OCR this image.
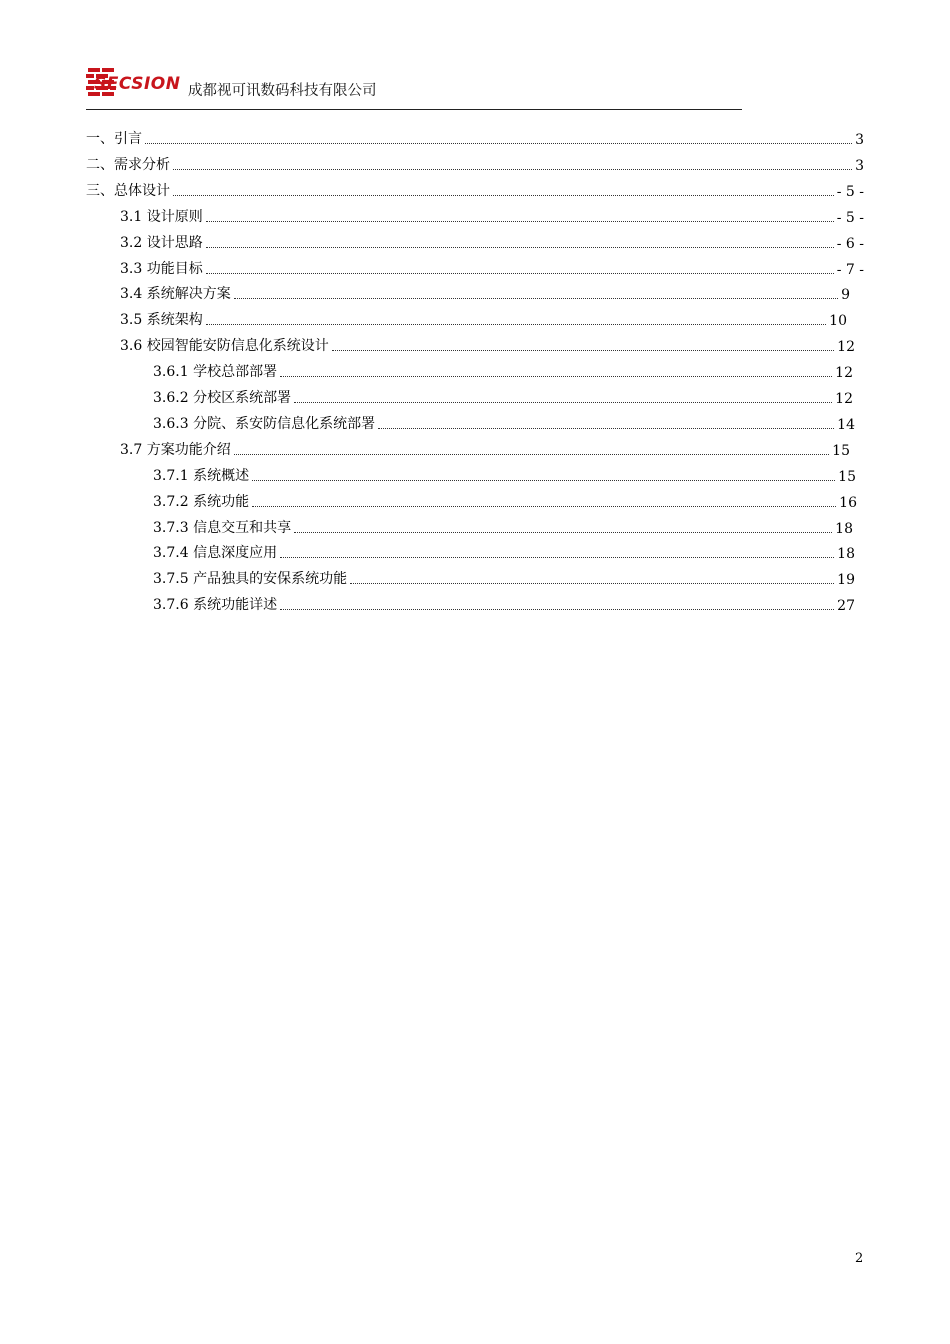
SECSION 成都视可讯数码科技有限公司
一、引言	3
二、需求分析	3
三、总体设计	- 5 -
3.1 设计原则	- 5 -
3.2 设计思路	- 6 -
3.3 功能目标	- 7 -
3.4 系统解决方案	9
3.5 系统架构	10
3.6 校园智能安防信息化系统设计	12
3.6.1 学校总部部署	12
3.6.2 分校区系统部署	12
3.6.3 分院、系安防信息化系统部署	14
3.7 方案功能介绍	15
3.7.1 系统概述	15
3.7.2 系统功能	16
3.7.3 信息交互和共享	18
3.7.4 信息深度应用	18
3.7.5 产品独具的安保系统功能	19
3.7.6 系统功能详述	27
2
